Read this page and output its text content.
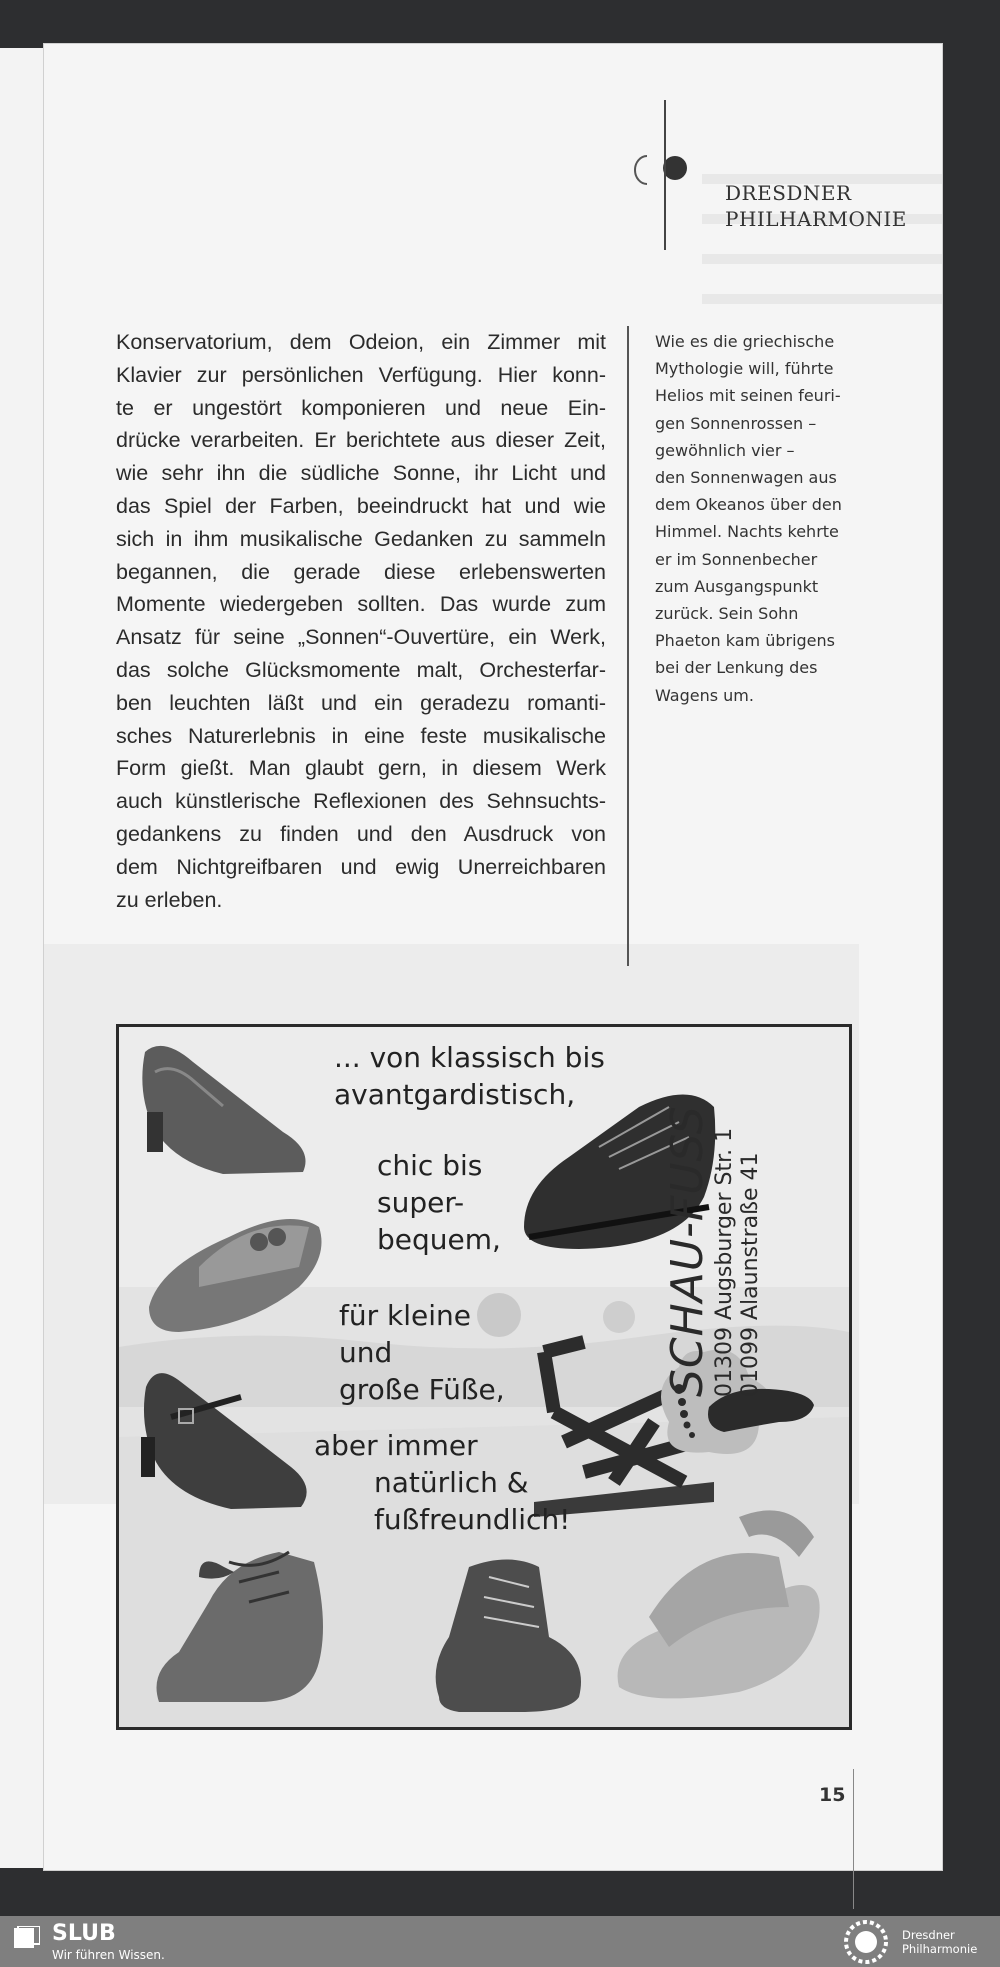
DRESDNER
PHILHARMONIE
Konservatorium, dem Odeion, ein Zimmer mit
Klavier zur persönlichen Verfügung. Hier konn-
te er ungestört komponieren und neue Ein-
drücke verarbeiten. Er berichtete aus dieser Zeit,
wie sehr ihn die südliche Sonne, ihr Licht und
das Spiel der Farben, beeindruckt hat und wie
sich in ihm musikalische Gedanken zu sammeln
begannen, die gerade diese erlebenswerten
Momente wiedergeben sollten. Das wurde zum
Ansatz für seine „Sonnen“-Ouvertüre, ein Werk,
das solche Glücksmomente malt, Orchesterfar-
ben leuchten läßt und ein geradezu romanti-
sches Naturerlebnis in eine feste musikalische
Form gießt. Man glaubt gern, in diesem Werk
auch künstlerische Reflexionen des Sehnsuchts-
gedankens zu finden und den Ausdruck von
dem Nichtgreifbaren und ewig Unerreichbaren
zu erleben.
Wie es die griechische
Mythologie will, führte
Helios mit seinen feuri-
gen Sonnenrossen –
gewöhnlich vier –
den Sonnenwagen aus
dem Okeanos über den
Himmel. Nachts kehrte
er im Sonnenbecher
zum Ausgangspunkt
zurück. Sein Sohn
Phaeton kam übrigens
bei der Lenkung des
Wagens um.
... von klassisch bis
avantgardistisch,
chic bis
super-
bequem,
für kleine
und
große Füße,
aber immer
natürlich &
fußfreundlich!
SCHAU-FUSS 01309 Augsburger Str. 1 01099 Alaunstraße 41
15
SLUB
Wir führen Wissen.
Dresdner
Philharmonie
